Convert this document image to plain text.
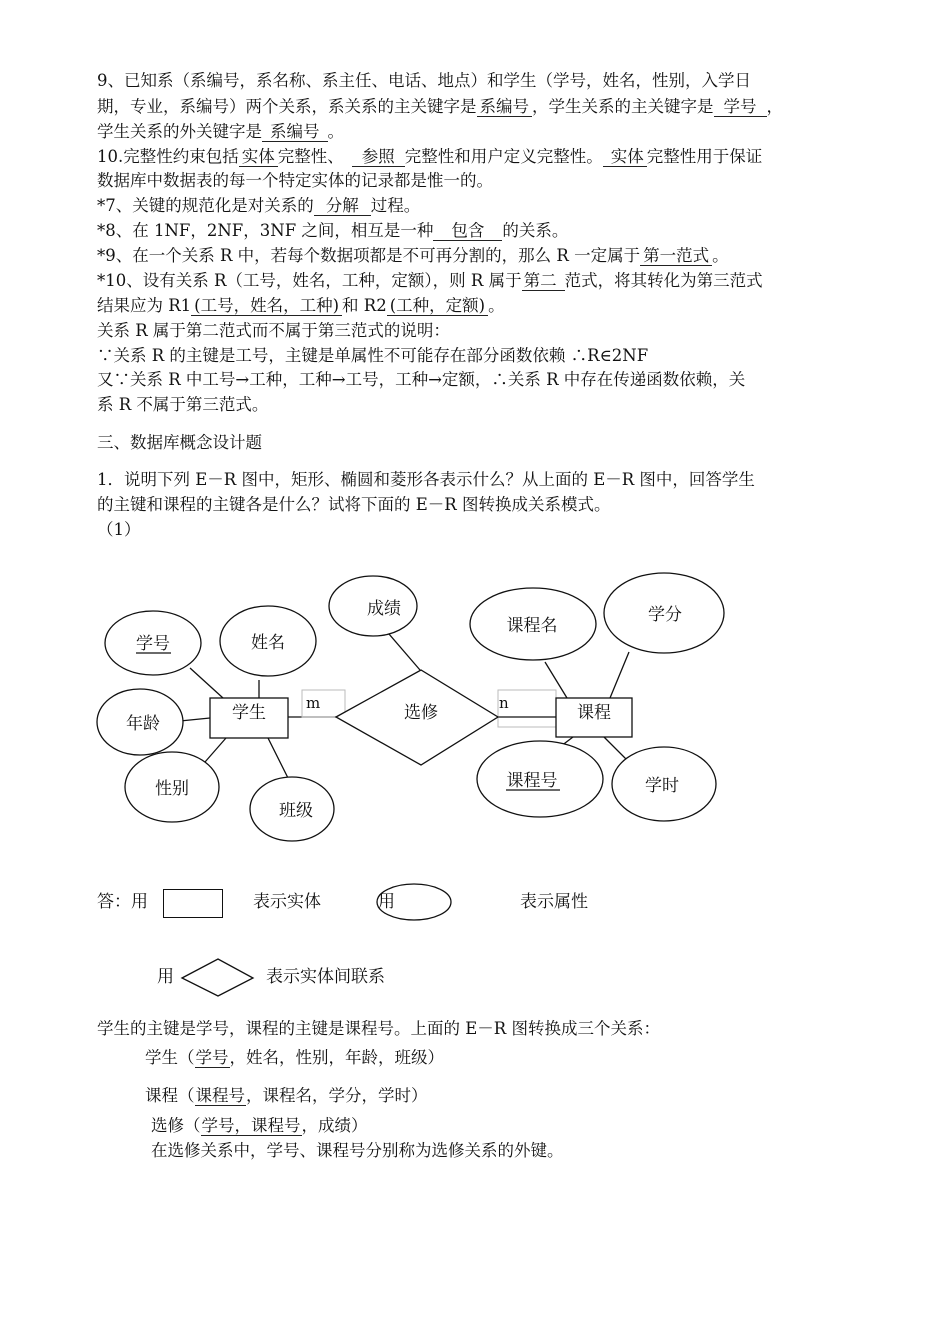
9、已知系（系编号，系名称、系主任、电话、地点）和学生（学号，姓名，性别，入学日
期，专业，系编号）两个关系，系关系的主关键字是 系编号 ，学生关系的主关键字是 学号 ，
学生关系的外关键字是 系编号 。
10.完整性约束包括 实体 完整性、 参照 完整性和用户定义完整性。 实体 完整性用于保证
数据库中数据表的每一个特定实体的记录都是惟一的。
*7、关键的规范化是对关系的 分解 过程。
*8、在 1NF，2NF，3NF 之间，相互是一种 包含 的关系。
*9、在一个关系 R 中，若每个数据项都是不可再分割的，那么 R 一定属于 第一范式 。
*10、设有关系 R（工号，姓名，工种，定额），则 R 属于 第二 范式，将其转化为第三范式
结果应为 R1 (工号，姓名，工种) 和 R2 (工种，定额) 。
关系 R 属于第二范式而不属于第三范式的说明：
∵关系 R 的主键是工号，主键是单属性不可能存在部分函数依赖 ∴R∈2NF
又∵关系 R 中工号→工种，工种→工号，工种→定额，∴关系 R 中存在传递函数依赖，关
系 R 不属于第三范式。
三、数据库概念设计题
1．说明下列 E－R 图中，矩形、椭圆和菱形各表示什么？从上面的 E－R 图中，回答学生
的主键和课程的主键各是什么？试将下面的 E－R 图转换成关系模式。
（1）
学生	课程
选修
学号	姓名
年龄
性别
班级
成绩
课程名
学分
课程号	学时
m	n
答：用	表示实体	用	表示属性
用	表示实体间联系
学生的主键是学号，课程的主键是课程号。上面的 E－R 图转换成三个关系：
学生（学号，姓名，性别，年龄，班级）
课程（课程号，课程名，学分，学时）
选修（学号，课程号，成绩）
在选修关系中，学号、课程号分别称为选修关系的外键。
